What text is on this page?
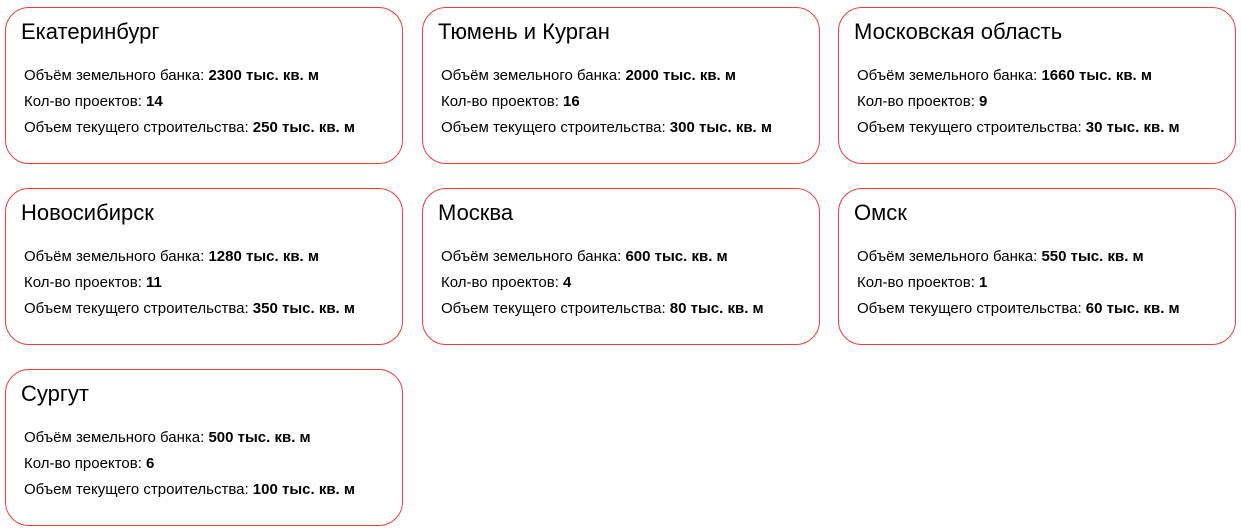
Екатеринбург
Объём земельного банка: 2300 тыс. кв. м
Кол-во проектов: 14
Объем текущего строительства: 250 тыс. кв. м
Тюмень и Курган
Объём земельного банка: 2000 тыс. кв. м
Кол-во проектов: 16
Объем текущего строительства: 300 тыс. кв. м
Московская область
Объём земельного банка: 1660 тыс. кв. м
Кол-во проектов: 9
Объем текущего строительства: 30 тыс. кв. м
Новосибирск
Объём земельного банка: 1280 тыс. кв. м
Кол-во проектов: 11
Объем текущего строительства: 350 тыс. кв. м
Москва
Объём земельного банка: 600 тыс. кв. м
Кол-во проектов: 4
Объем текущего строительства: 80 тыс. кв. м
Омск
Объём земельного банка: 550 тыс. кв. м
Кол-во проектов: 1
Объем текущего строительства: 60 тыс. кв. м
Сургут
Объём земельного банка: 500 тыс. кв. м
Кол-во проектов: 6
Объем текущего строительства: 100 тыс. кв. м
